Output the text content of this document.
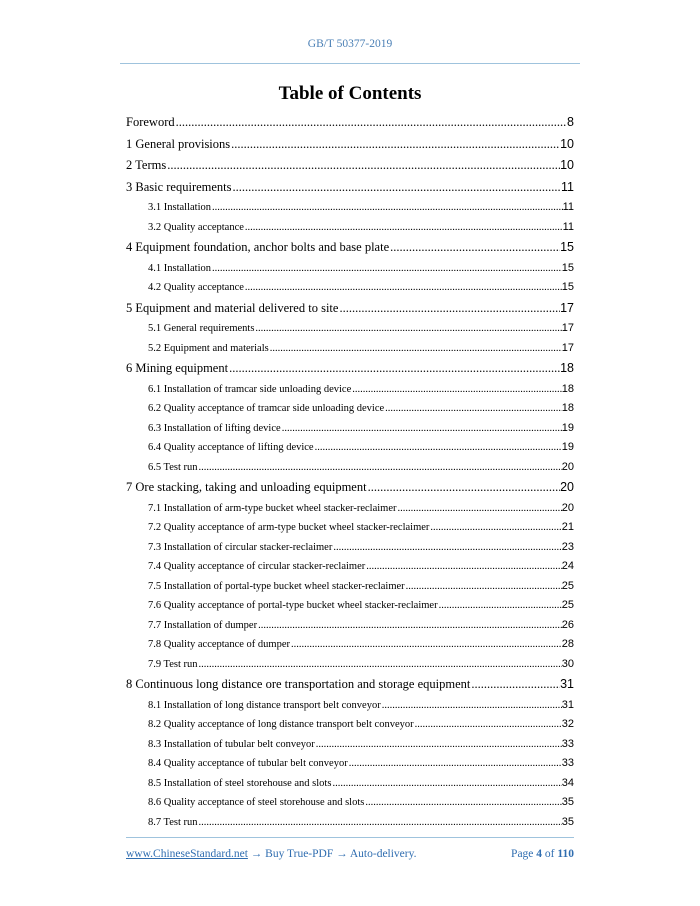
GB/T 50377-2019
Table of Contents
Foreword .....	8
1 General provisions .....	10
2 Terms .....	10
3 Basic requirements .....	11
3.1 Installation .....	11
3.2 Quality acceptance .....	11
4 Equipment foundation, anchor bolts and base plate .....	15
4.1 Installation .....	15
4.2 Quality acceptance .....	15
5 Equipment and material delivered to site .....	17
5.1 General requirements .....	17
5.2 Equipment and materials .....	17
6 Mining equipment .....	18
6.1 Installation of tramcar side unloading device .....	18
6.2 Quality acceptance of tramcar side unloading device .....	18
6.3 Installation of lifting device .....	19
6.4 Quality acceptance of lifting device .....	19
6.5 Test run .....	20
7 Ore stacking, taking and unloading equipment .....	20
7.1 Installation of arm-type bucket wheel stacker-reclaimer .....	20
7.2 Quality acceptance of arm-type bucket wheel stacker-reclaimer .....	21
7.3 Installation of circular stacker-reclaimer .....	23
7.4 Quality acceptance of circular stacker-reclaimer .....	24
7.5 Installation of portal-type bucket wheel stacker-reclaimer .....	25
7.6 Quality acceptance of portal-type bucket wheel stacker-reclaimer .....	25
7.7 Installation of dumper .....	26
7.8 Quality acceptance of dumper .....	28
7.9 Test run .....	30
8 Continuous long distance ore transportation and storage equipment .....	31
8.1 Installation of long distance transport belt conveyor .....	31
8.2 Quality acceptance of long distance transport belt conveyor .....	32
8.3 Installation of tubular belt conveyor .....	33
8.4 Quality acceptance of tubular belt conveyor .....	33
8.5 Installation of steel storehouse and slots .....	34
8.6 Quality acceptance of steel storehouse and slots .....	35
8.7 Test run .....	35
www.ChineseStandard.net → Buy True-PDF → Auto-delivery.	Page 4 of 110
